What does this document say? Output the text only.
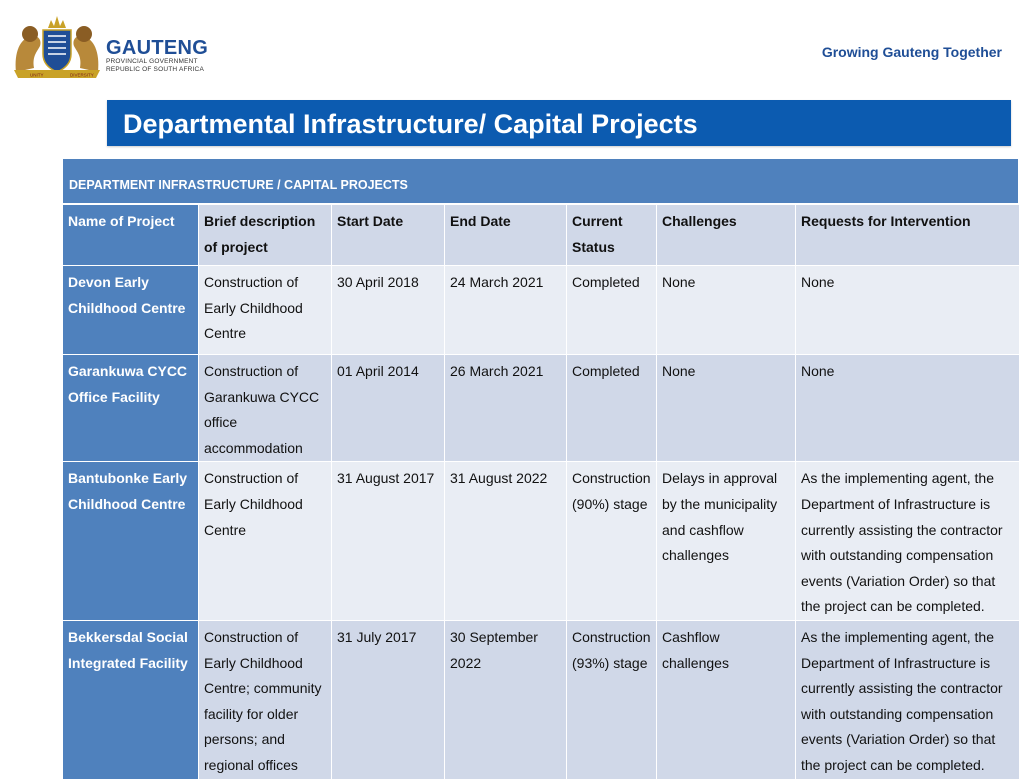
UNITY	DIVERSITY
GAUTENG
PROVINCIAL GOVERNMENT
REPUBLIC OF SOUTH AFRICA
Growing Gauteng Together
Departmental Infrastructure/ Capital Projects
DEPARTMENT INFRASTRUCTURE / CAPITAL PROJECTS
Name of Project	Brief description of project	Start Date	End Date	Current Status	Challenges	Requests for Intervention
Devon Early Childhood Centre	Construction of Early Childhood Centre	30 April 2018	24 March 2021	Completed	None	None
Garankuwa CYCC Office Facility	Construction of Garankuwa CYCC office accommodation	01 April 2014	26 March 2021	Completed	None	None
Bantubonke Early Childhood Centre	Construction of Early Childhood Centre	31 August 2017	31 August 2022	Construction (90%) stage	Delays in approval by the municipality and cashflow challenges	As the implementing agent, the Department of Infrastructure is currently assisting the contractor with outstanding compensation events (Variation Order) so that the project can be completed.
Bekkersdal Social Integrated Facility	Construction of Early Childhood Centre; community facility for older persons; and regional offices	31 July 2017	30 September 2022	Construction (93%) stage	Cashflow challenges	As the implementing agent, the Department of Infrastructure is currently assisting the contractor with outstanding compensation events (Variation Order) so that the project can be completed.
